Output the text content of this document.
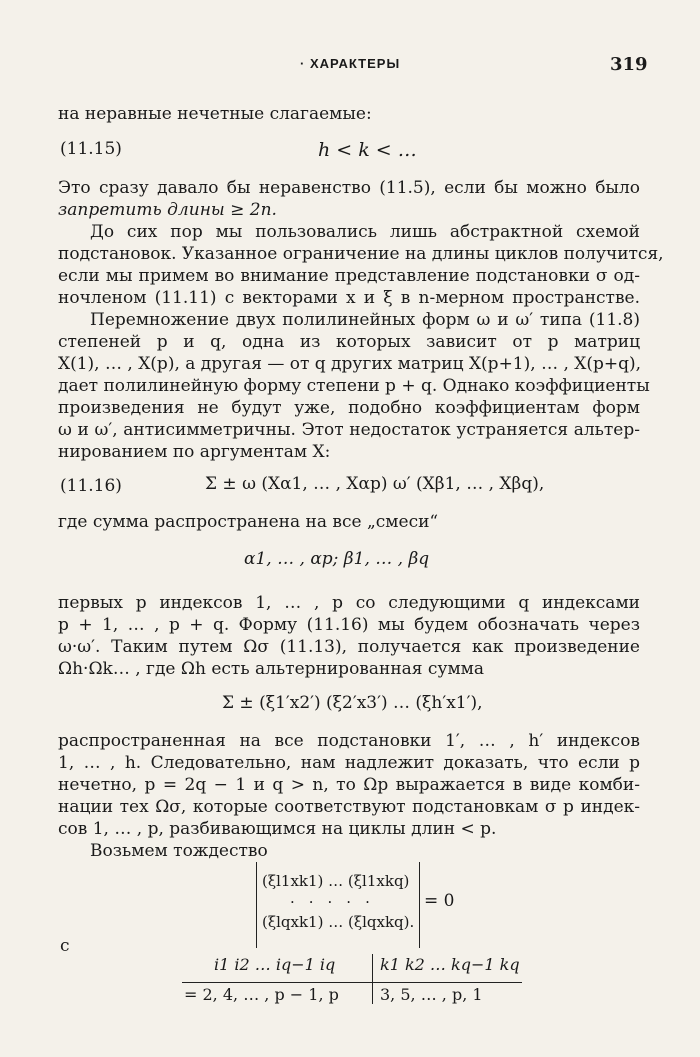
· ХАРАКТЕРЫ	319
на неравные нечетные слагаемые:
(11.15)	h < k < …
Это сразу давало бы неравенство (11.5), если бы можно было
запретить длины ≥ 2n.
До сих пор мы пользовались лишь абстрактной схемой
подстановок. Указанное ограничение на длины циклов получится,
если мы примем во внимание представление подстановки σ од-
ночленом (11.11) с векторами x и ξ в n-мерном пространстве.
Перемножение двух полилинейных форм ω и ω′ типа (11.8)
степеней p и q, одна из которых зависит от p матриц
X(1), … , X(p), а другая — от q других матриц X(p+1), … , X(p+q),
дает полилинейную форму степени p + q. Однако коэффициенты
произведения не будут уже, подобно коэффициентам форм
ω и ω′, антисимметричны. Этот недостаток устраняется альтер-
нированием по аргументам X:
(11.16)	Σ ± ω (Xα1, … , Xαp) ω′ (Xβ1, … , Xβq),
где сумма распространена на все „смеси“
α1, … , αp; β1, … , βq
первых p индексов 1, … , p со следующими q индексами
p + 1, … , p + q. Форму (11.16) мы будем обозначать через
ω·ω′. Таким путем Ωσ (11.13), получается как произведение
Ωh·Ωk… , где Ωh есть альтернированная сумма
Σ ± (ξ1′x2′) (ξ2′x3′) … (ξh′x1′),
распространенная на все подстановки 1′, … , h′ индексов
1, … , h. Следовательно, нам надлежит доказать, что если p
нечетно, p = 2q − 1 и q > n, то Ωp выражается в виде комби-
нации тех Ωσ, которые соответствуют подстановкам σ p индек-
сов 1, … , p, разбивающимся на циклы длин < p.
Возьмем тождество
(ξl1xk1) … (ξl1xkq)
·····
(ξlqxk1) … (ξlqxkq).
= 0
с
i1 i2 … iq−1 iq	k1 k2 … kq−1 kq
= 2, 4, … , p − 1, p	3, 5, … , p, 1
